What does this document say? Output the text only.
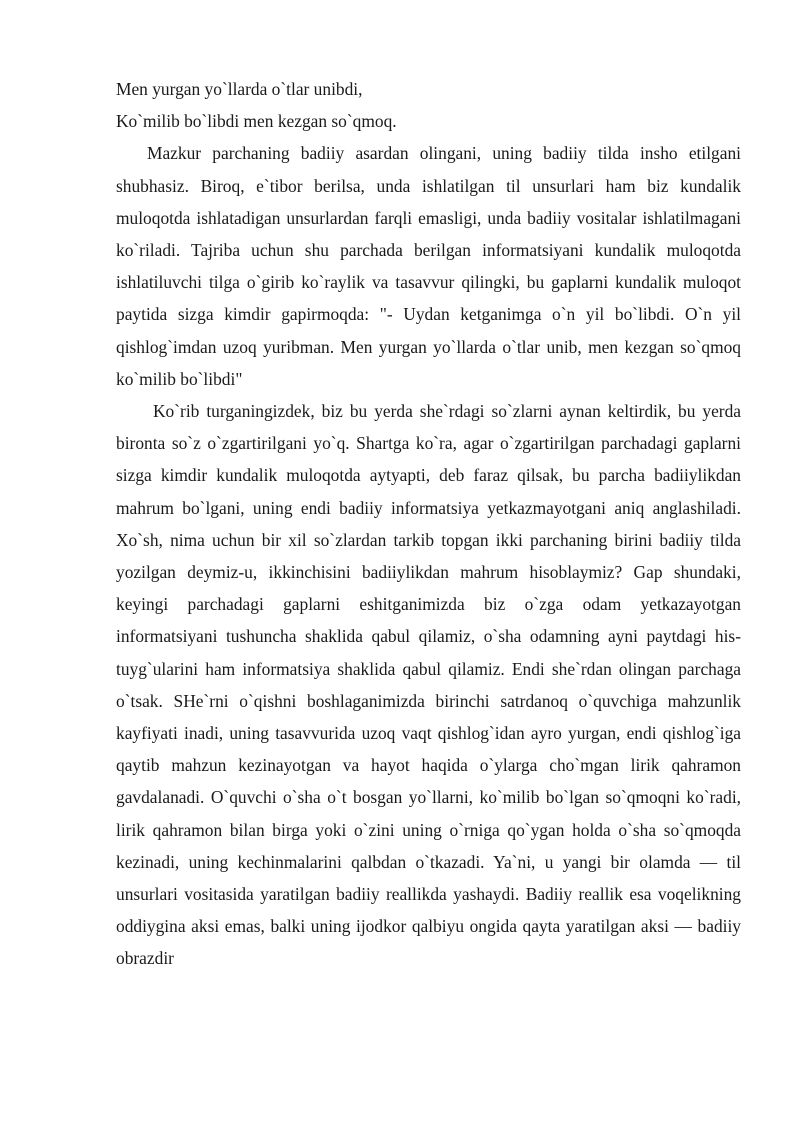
Men yurgan yo`llarda o`tlar unibdi,

Ko`milib bo`libdi men kezgan so`qmoq.

Mazkur parchaning badiiy asardan olingani, uning badiiy tilda insho etilgani shubhasiz. Biroq, e`tibor berilsa, unda ishlatilgan til unsurlari ham biz kundalik muloqotda ishlatadigan unsurlardan farqli emasligi, unda badiiy vositalar ishlatilmagani ko`riladi. Tajriba uchun shu parchada berilgan informatsiyani kundalik muloqotda ishlatiluvchi tilga o`girib ko`raylik va tasavvur qilingki, bu gaplarni kundalik muloqot paytida sizga kimdir gapirmoqda: "- Uydan ketganimga o`n yil bo`libdi. O`n yil qishlog`imdan uzoq yuribman. Men yurgan yo`llarda o`tlar unib, men kezgan so`qmoq ko`milib bo`libdi"

Ko`rib turganingizdek, biz bu yerda she`rdagi so`zlarni aynan keltirdik, bu yerda bironta so`z o`zgartirilgani yo`q. Shartga ko`ra, agar o`zgartirilgan parchadagi gaplarni sizga kimdir kundalik muloqotda aytyapti, deb faraz qilsak, bu parcha badiiylikdan mahrum bo`lgani, uning endi badiiy informatsiya yetkazmayotgani aniq anglashiladi. Xo`sh, nima uchun bir xil so`zlardan tarkib topgan ikki parchaning birini badiiy tilda yozilgan deymiz-u, ikkinchisini badiiylikdan mahrum hisoblaymiz? Gap shundaki, keyingi parchadagi gaplarni eshitganimizda biz o`zga odam yetkazayotgan informatsiyani tushuncha shaklida qabul qilamiz, o`sha odamning ayni paytdagi his-tuyg`ularini ham informatsiya shaklida qabul qilamiz. Endi she`rdan olingan parchaga o`tsak. SHe`rni o`qishni boshlaganimizda birinchi satrdanoq o`quvchiga mahzunlik kayfiyati inadi, uning tasavvurida uzoq vaqt qishlog`idan ayro yurgan, endi qishlog`iga qaytib mahzun kezinayotgan va hayot haqida o`ylarga cho`mgan lirik qahramon gavdalanadi. O`quvchi o`sha o`t bosgan yo`llarni, ko`milib bo`lgan so`qmoqni ko`radi, lirik qahramon bilan birga yoki o`zini uning o`rniga qo`ygan holda o`sha so`qmoqda kezinadi, uning kechinmalarini qalbdan o`tkazadi. Ya`ni, u yangi bir olamda — til unsurlari vositasida yaratilgan badiiy reallikda yashaydi. Badiiy reallik esa voqelikning oddiygina aksi emas, balki uning ijodkor qalbiyu ongida qayta yaratilgan aksi — badiiy obrazdir
